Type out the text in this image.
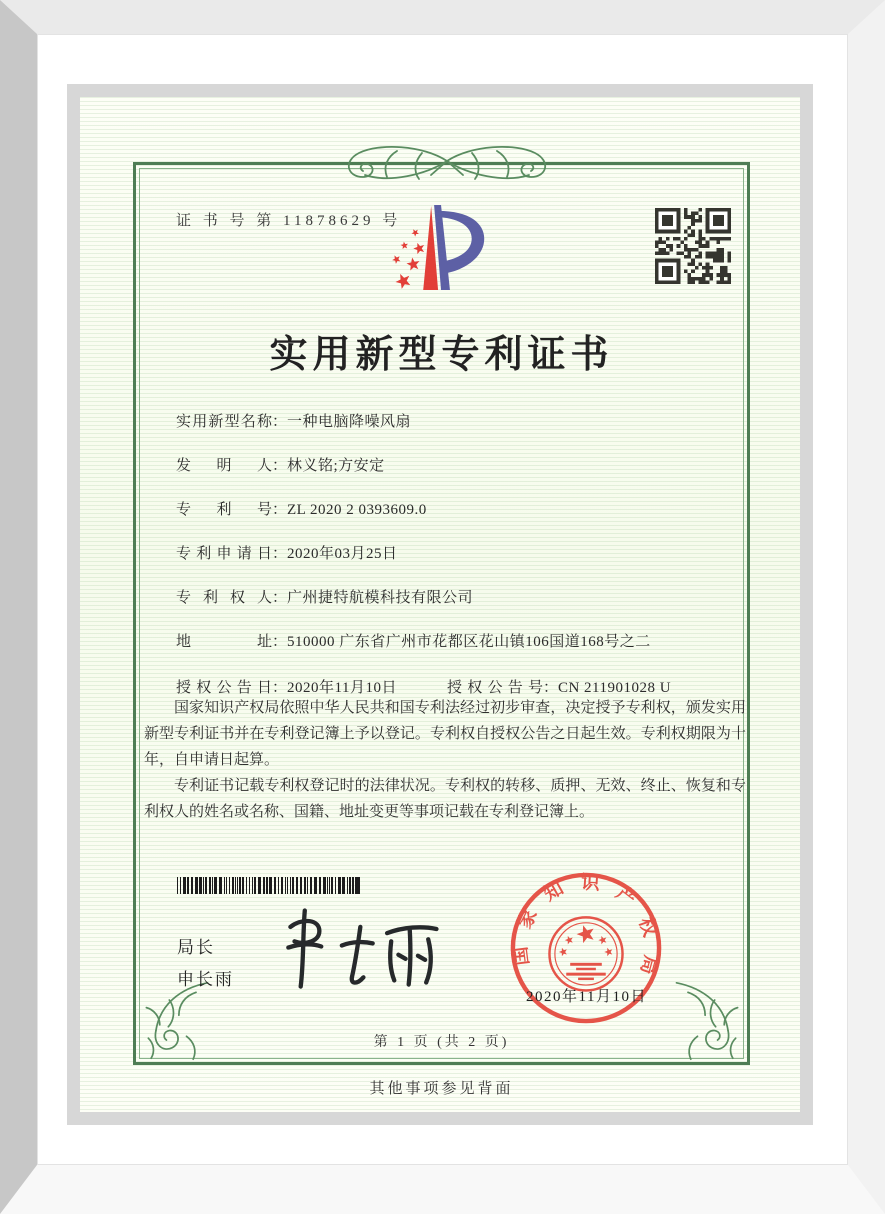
证 书 号 第 11878629 号
实用新型专利证书
实用新型名称：一种电脑降噪风扇
发明人：林义铭;方安定
专利号：ZL 2020 2 0393609.0
专利申请日：2020年03月25日
专利权人：广州捷特航模科技有限公司
地址：510000 广东省广州市花都区花山镇106国道168号之二
授权公告日：2020年11月10日	授权公告号：CN 211901028 U

国家知识产权局依照中华人民共和国专利法经过初步审查，决定授予专利权，颁发实用新型专利证书并在专利登记簿上予以登记。专利权自授权公告之日起生效。专利权期限为十年，自申请日起算。

专利证书记载专利权登记时的法律状况。专利权的转移、质押、无效、终止、恢复和专利权人的姓名或名称、国籍、地址变更等事项记载在专利登记簿上。

局长
申长雨
国家知识产权局
2020年11月10日
第 1 页 (共 2 页)
其他事项参见背面
